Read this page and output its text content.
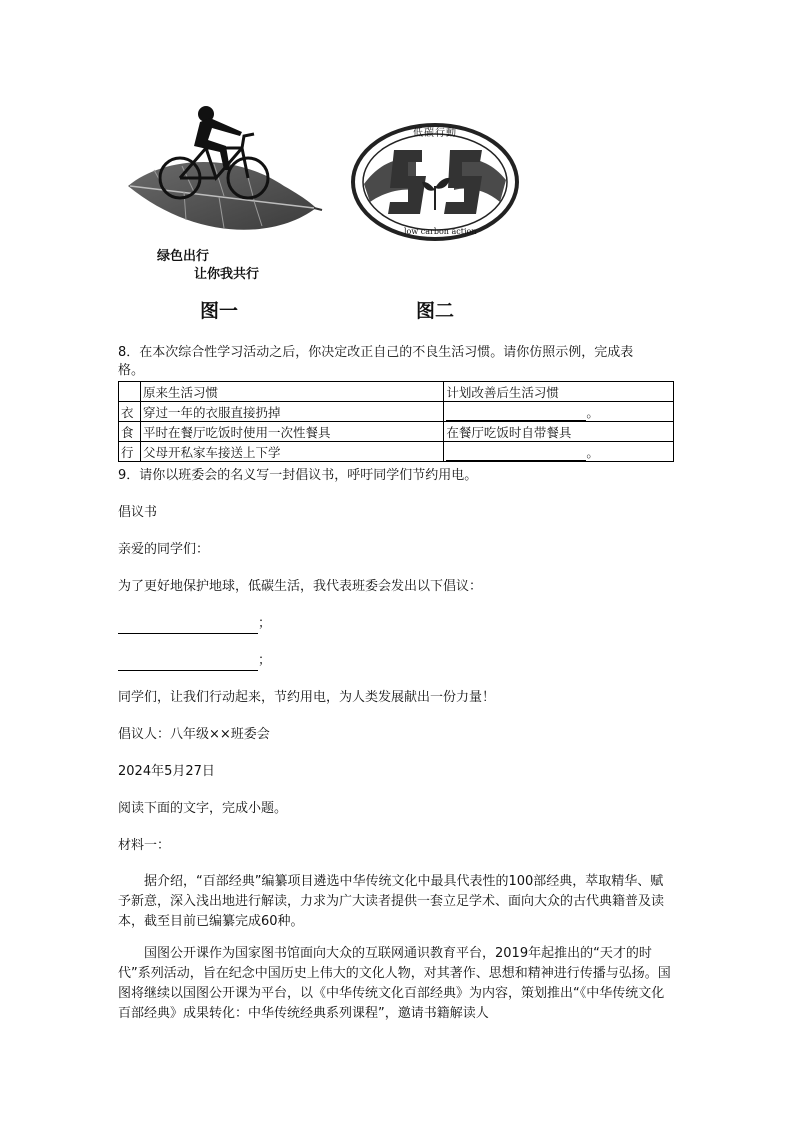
绿色出行
让你我共行
图一
低碳行動
low carbon action
图二
8．在本次综合性学习活动之后，你决定改正自己的不良生活习惯。请你仿照示例，完成表
格。
	原来生活习惯	计划改善后生活习惯
衣	穿过一年的衣服直接扔掉	。
食	平时在餐厅吃饭时使用一次性餐具	在餐厅吃饭时自带餐具
行	父母开私家车接送上下学	。
9．请你以班委会的名义写一封倡议书，呼吁同学们节约用电。
倡议书
亲爱的同学们：
为了更好地保护地球，低碳生活，我代表班委会发出以下倡议：
；
；
同学们，让我们行动起来，节约用电，为人类发展献出一份力量！
倡议人：八年级××班委会
2024年5月27日
阅读下面的文字，完成小题。
材料一：
据介绍，“百部经典”编纂项目遴选中华传统文化中最具代表性的100部经典，萃取精华、赋予新意，深入浅出地进行解读，力求为广大读者提供一套立足学术、面向大众的古代典籍普及读本，截至目前已编纂完成60种。
国图公开课作为国家图书馆面向大众的互联网通识教育平台，2019年起推出的“天才的时代”系列活动，旨在纪念中国历史上伟大的文化人物，对其著作、思想和精神进行传播与弘扬。国图将继续以国图公开课为平台，以《中华传统文化百部经典》为内容，策划推出“《中华传统文化百部经典》成果转化：中华传统经典系列课程”，邀请书籍解读人
